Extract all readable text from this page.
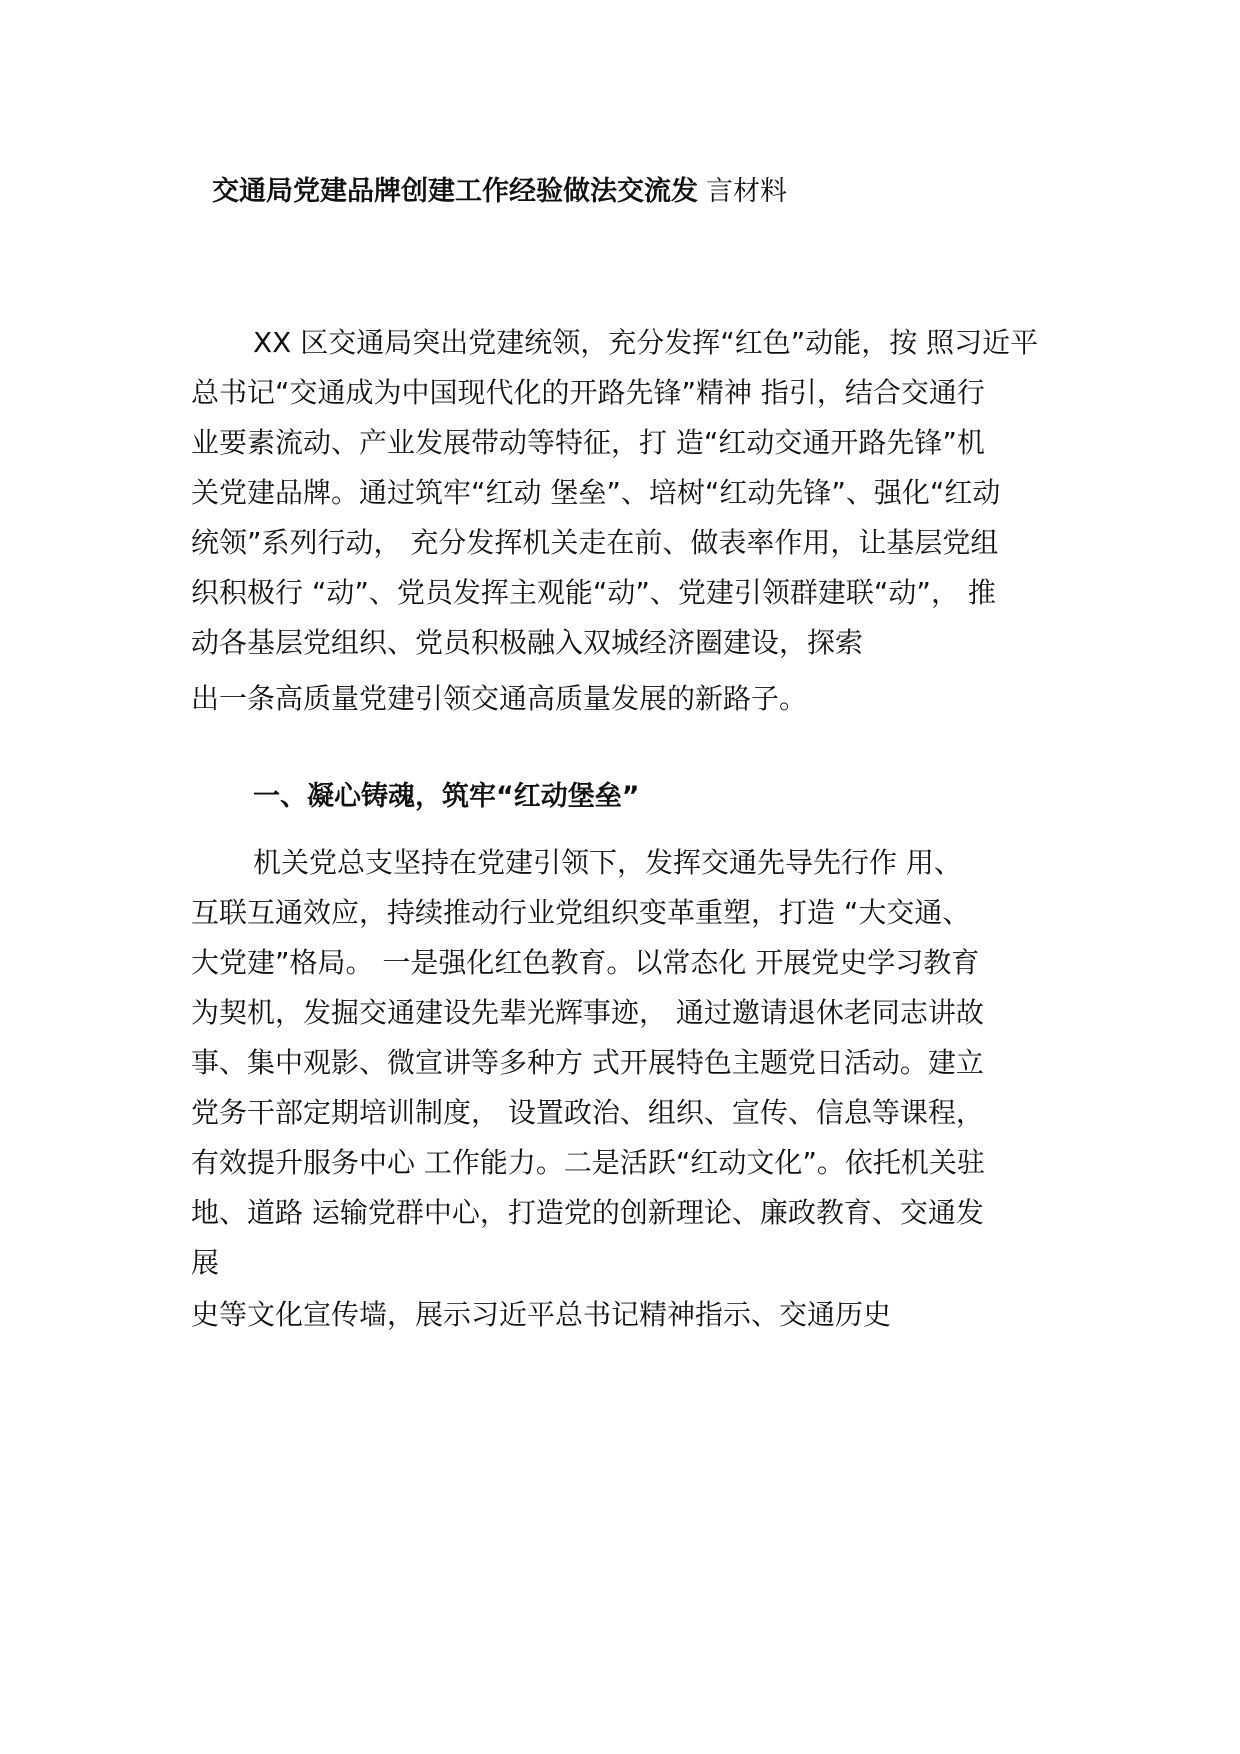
交通局党建品牌创建工作经验做法交流发 言材料
XX 区交通局突出党建统领，充分发挥“红色”动能，按 照习近平
总书记“交通成为中国现代化的开路先锋”精神 指引，结合交通行
业要素流动、产业发展带动等特征，打 造“红动交通开路先锋”机
关党建品牌。通过筑牢“红动 堡垒”、培树“红动先锋”、强化“红动
统领”系列行动， 充分发挥机关走在前、做表率作用，让基层党组
织积极行 “动”、党员发挥主观能“动”、党建引领群建联“动”， 推
动各基层党组织、党员积极融入双城经济圈建设，探索
出一条高质量党建引领交通高质量发展的新路子。
一、凝心铸魂，筑牢“红动堡垒”
机关党总支坚持在党建引领下，发挥交通先导先行作 用、
互联互通效应，持续推动行业党组织变革重塑，打造 “大交通、
大党建”格局。 一是强化红色教育。以常态化 开展党史学习教育
为契机，发掘交通建设先辈光辉事迹， 通过邀请退休老同志讲故
事、集中观影、微宣讲等多种方 式开展特色主题党日活动。建立
党务干部定期培训制度， 设置政治、组织、宣传、信息等课程，
有效提升服务中心 工作能力。二是活跃“红动文化”。依托机关驻
地、道路 运输党群中心，打造党的创新理论、廉政教育、交通发
展
史等文化宣传墙，展示习近平总书记精神指示、交通历史
